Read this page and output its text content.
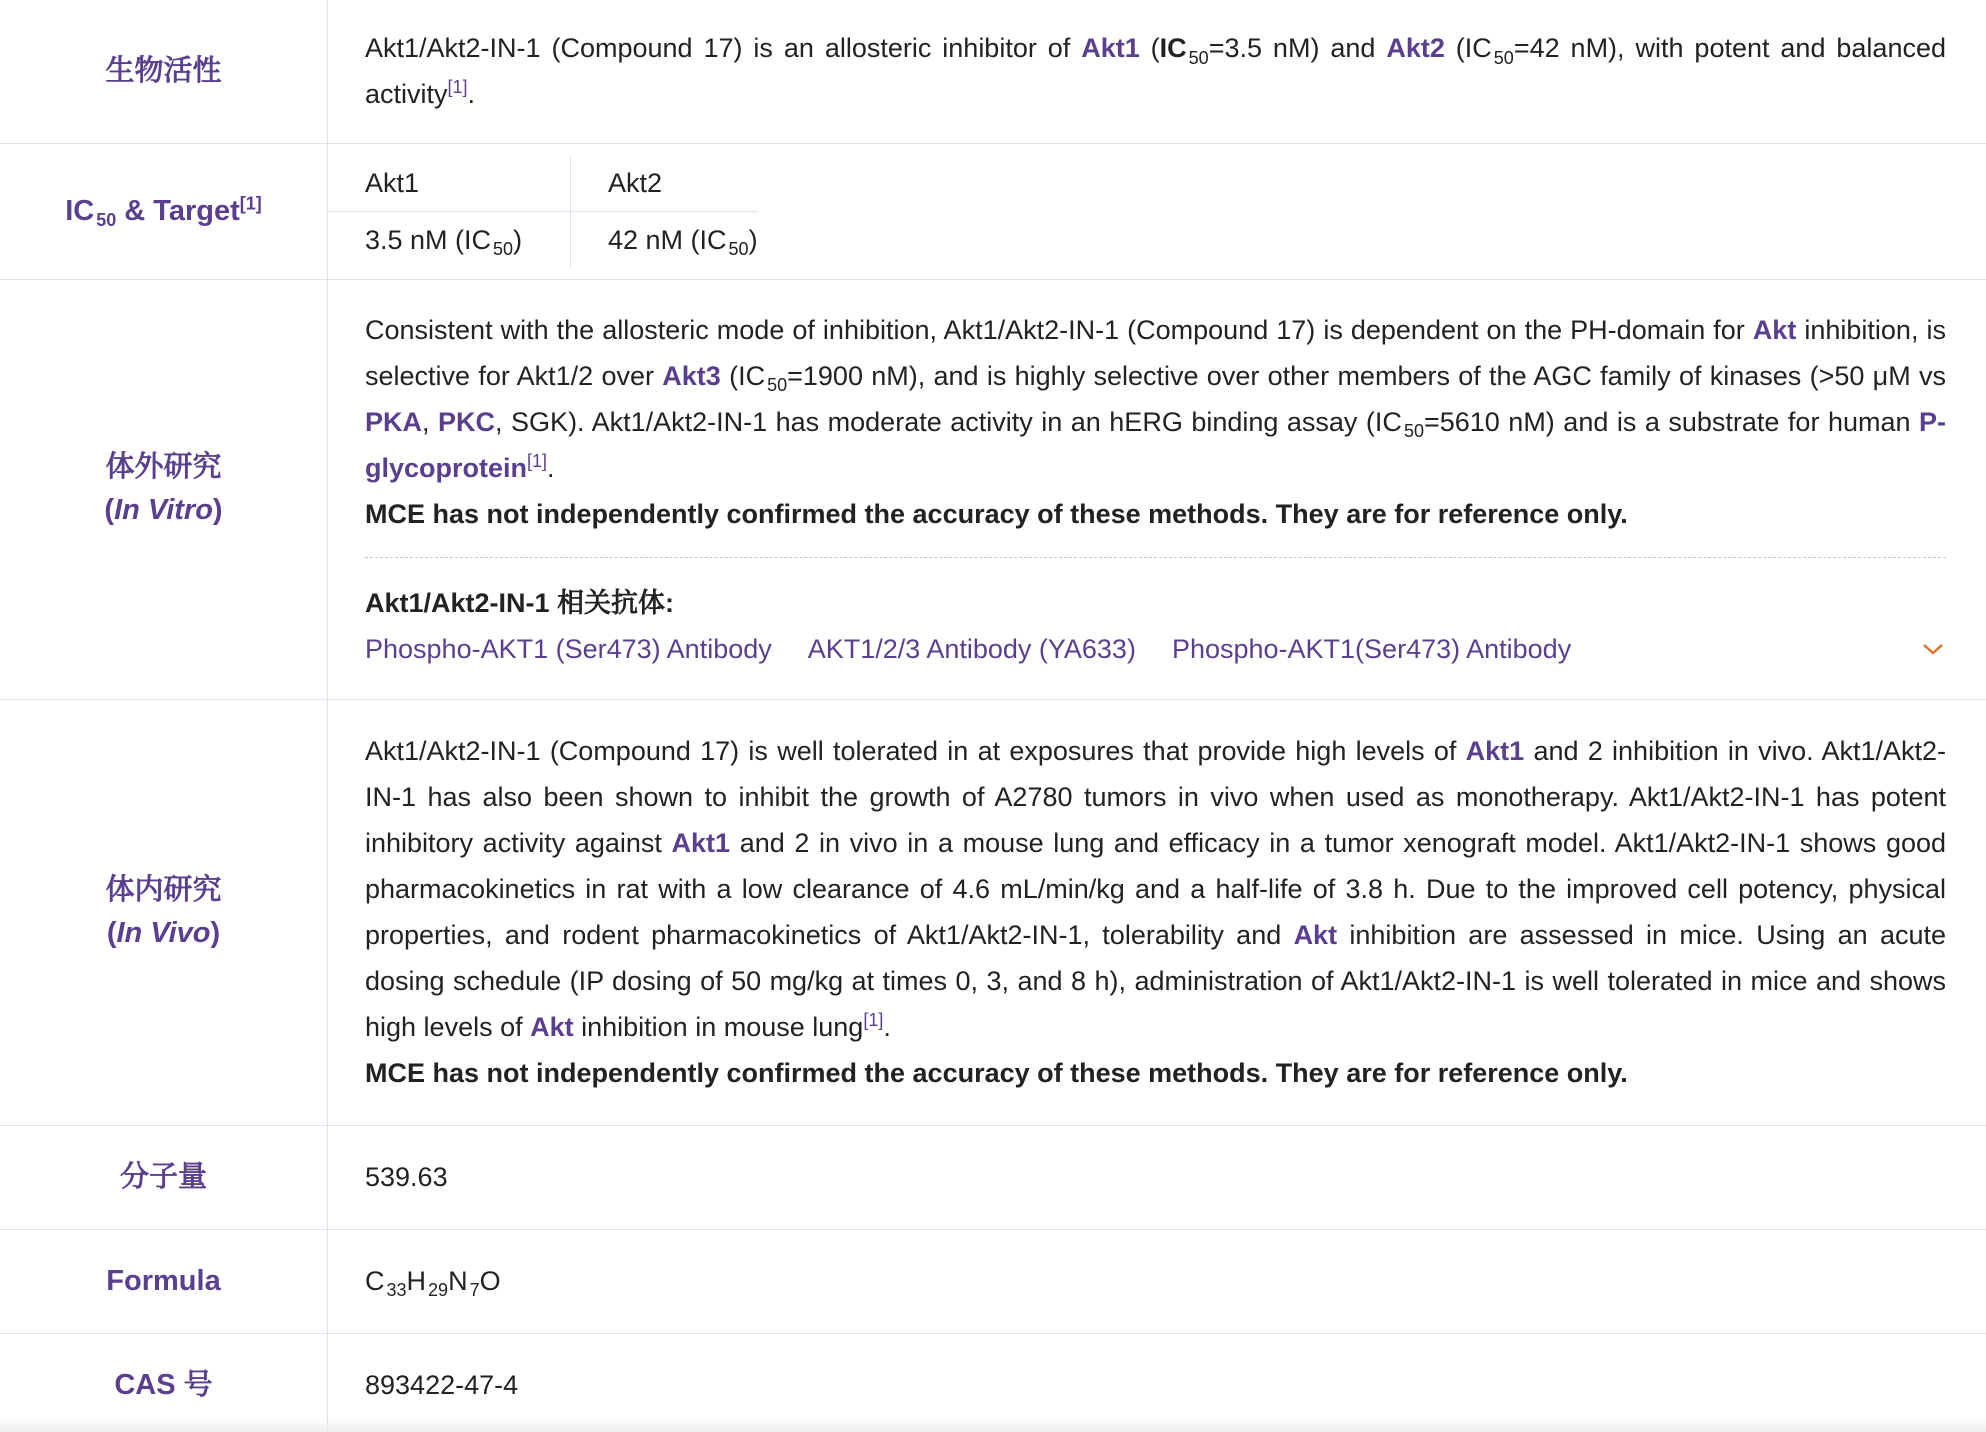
生物活性	Akt1/Akt2-IN-1 (Compound 17) is an allosteric inhibitor of Akt1 (IC $_{50}$=3.5 nM) and Akt2 (IC $_{50}$=42 nM), with potent and balanced activity[1].
IC $_{50}$ & Target[1]	
Akt1	Akt2
3.5 nM (IC $_{50}$)	42 nM (IC $_{50}$)

体外研究
(In Vitro)

Consistent with the allosteric mode of inhibition, Akt1/Akt2-IN-1 (Compound 17) is dependent on the PH-domain for Akt inhibition, is selective for Akt1/2 over Akt3 (IC $_{50}$=1900 nM), and is highly selective over other members of the AGC family of kinases (>50 μM vs PKA, PKC, SGK). Akt1/Akt2-IN-1 has moderate activity in an hERG binding assay (IC $_{50}$=5610 nM) and is a substrate for human P-glycoprotein[1].
MCE has not independently confirmed the accuracy of these methods. They are for reference only.
Akt1/Akt2-IN-1 相关抗体:
Phospho-AKT1 (Ser473) Antibody AKT1/2/3 Antibody (YA633) Phospho-AKT1(Ser473) Antibody

体内研究
(In Vivo)

Akt1/Akt2-IN-1 (Compound 17) is well tolerated in at exposures that provide high levels of Akt1 and 2 inhibition in vivo. Akt1/Akt2-IN-1 has also been shown to inhibit the growth of A2780 tumors in vivo when used as monotherapy. Akt1/Akt2-IN-1 has potent inhibitory activity against Akt1 and 2 in vivo in a mouse lung and efficacy in a tumor xenograft model. Akt1/Akt2-IN-1 shows good pharmacokinetics in rat with a low clearance of 4.6 mL/min/kg and a half-life of 3.8 h. Due to the improved cell potency, physical properties, and rodent pharmacokinetics of Akt1/Akt2-IN-1, tolerability and Akt inhibition are assessed in mice. Using an acute dosing schedule (IP dosing of 50 mg/kg at times 0, 3, and 8 h), administration of Akt1/Akt2-IN-1 is well tolerated in mice and shows high levels of Akt inhibition in mouse lung[1].
MCE has not independently confirmed the accuracy of these methods. They are for reference only.

分子量	539.63
Formula	C $_{33}$H $_{29}$N $_7$O
CAS 号	893422-47-4
